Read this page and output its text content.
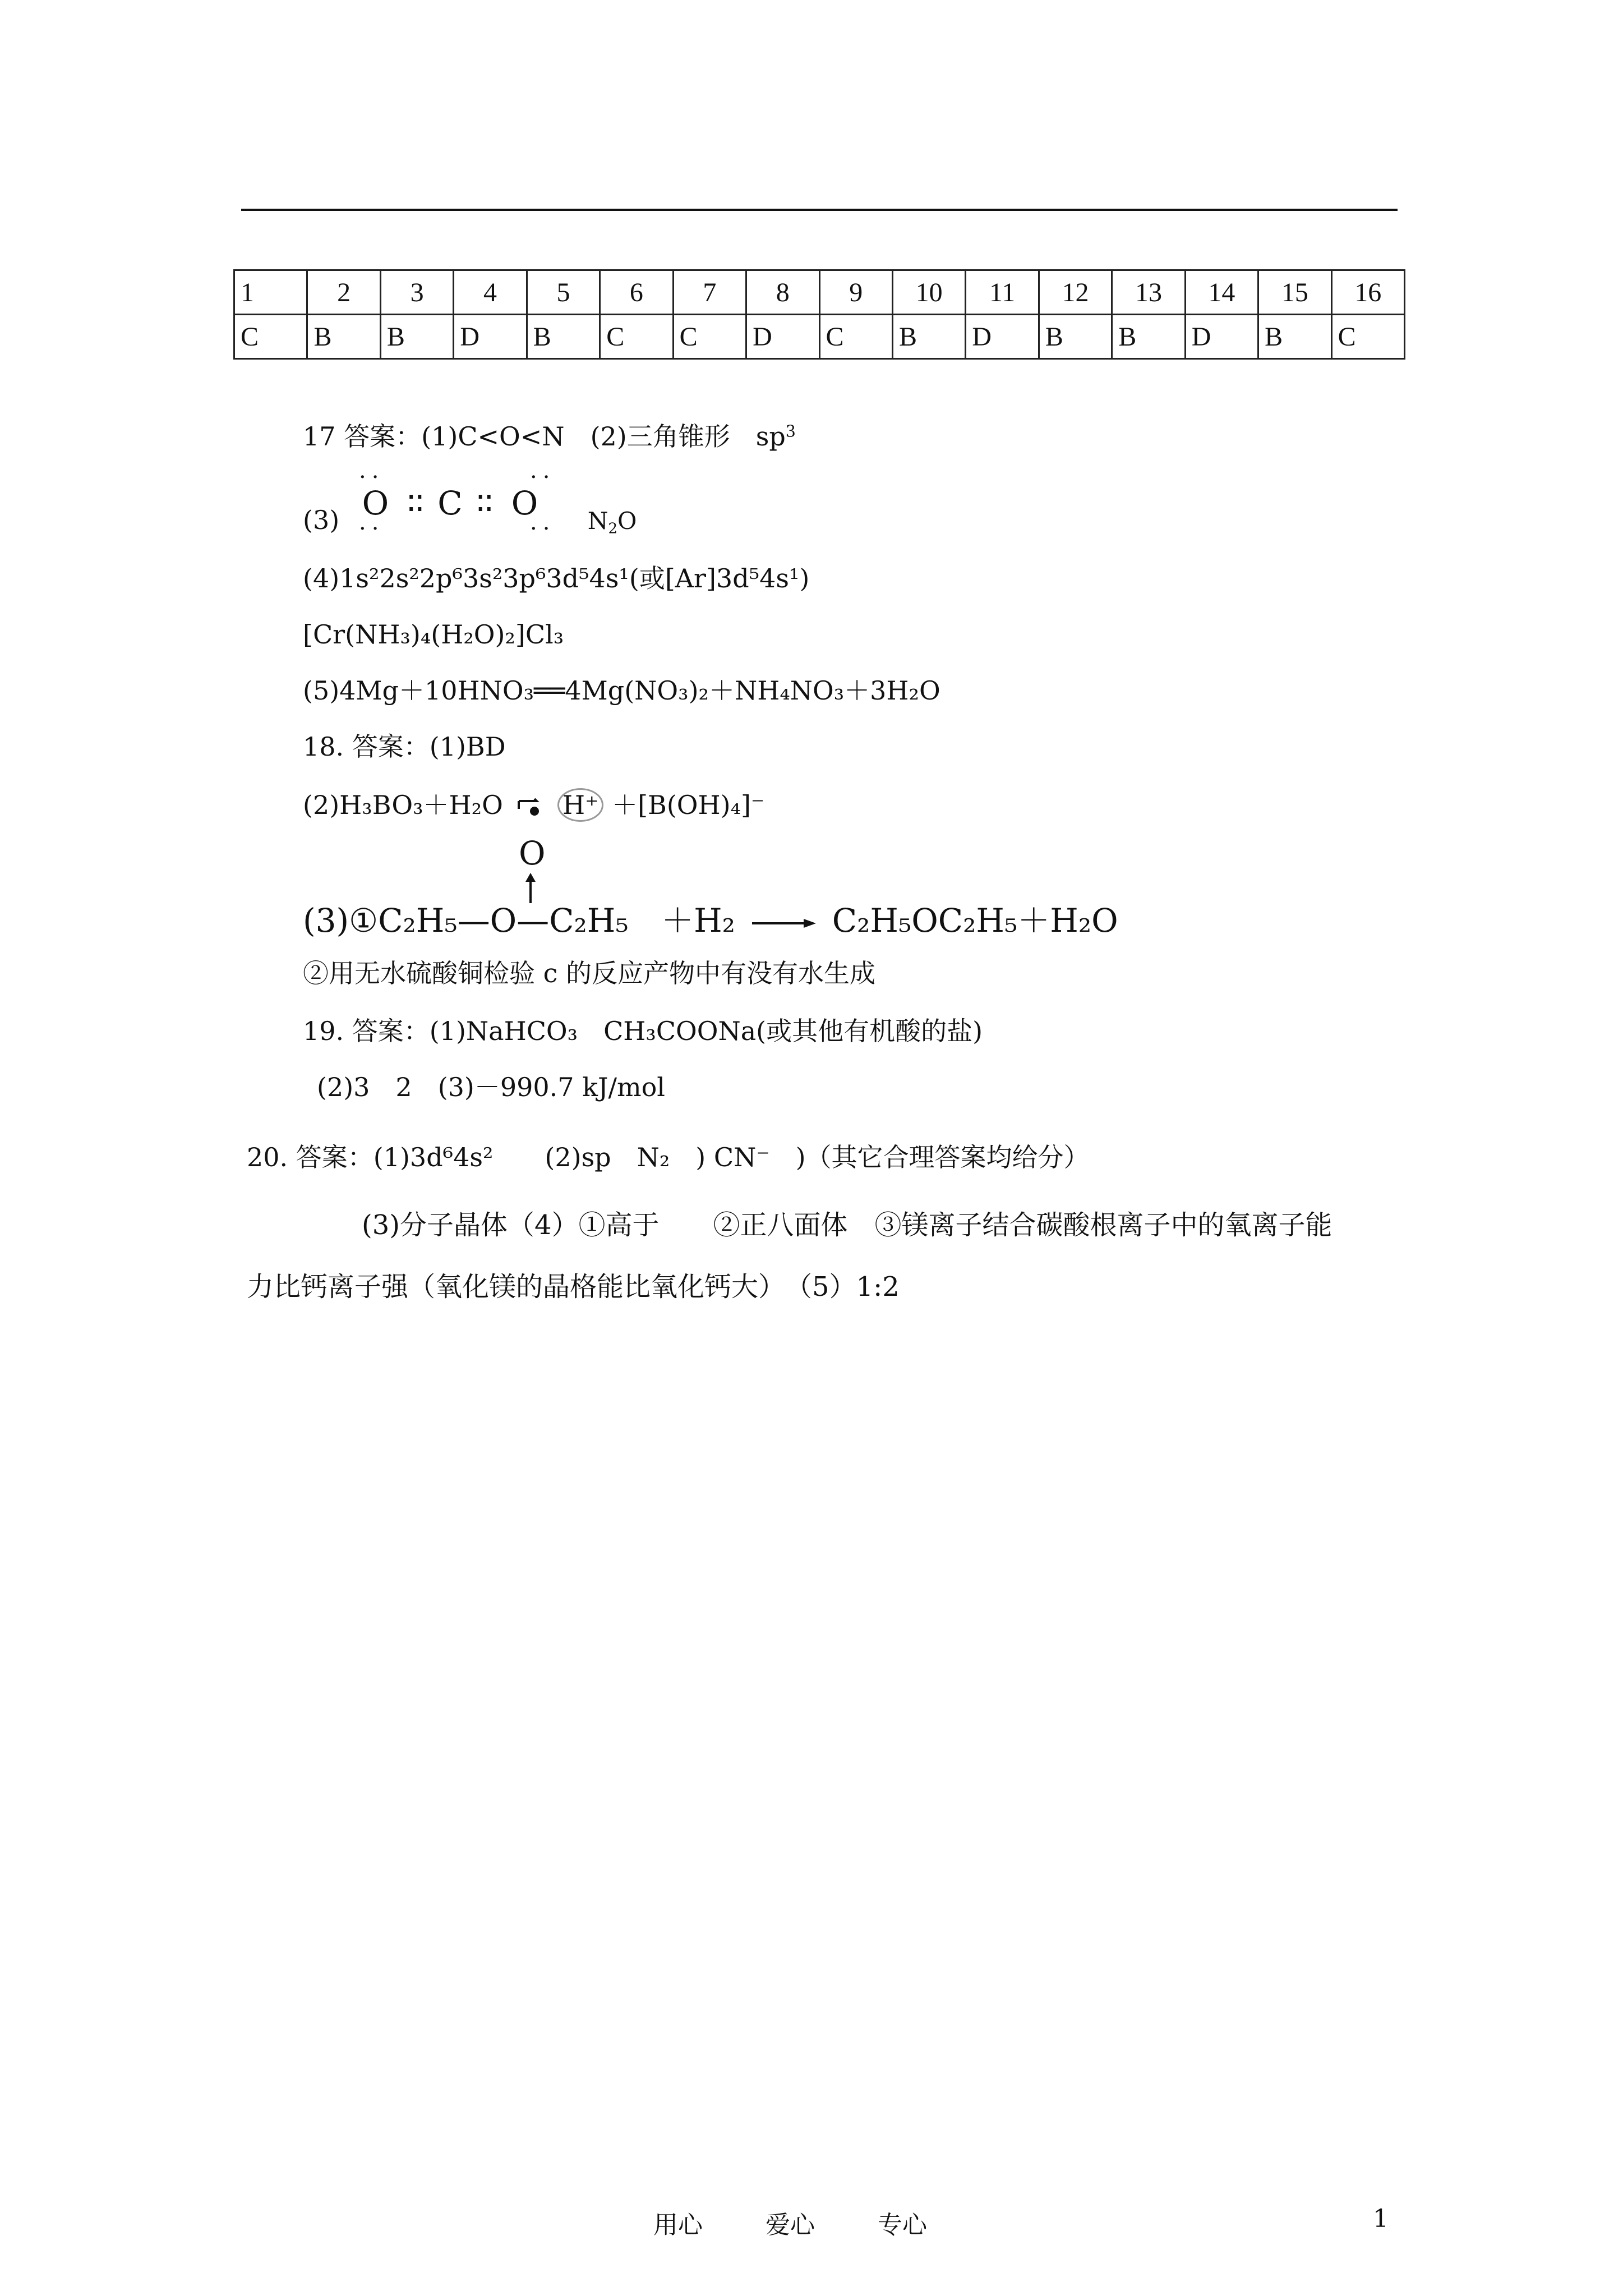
1	2	3	4	5	6	7	8	9	10	11	12	13	14	15	16
C	B	B	D	B	C	C	D	C	B	D	B	B	D	B	C
17 答案：(1)C<O<N  (2)三角锥形  $sp^3$
··	··
$_{(3)}$ O ∶∶ C ∶∶ O $_{N_2O}$
··	··
(4)1s²2s²2p⁶3s²3p⁶3d⁵4s¹(或[Ar]3d⁵4s¹)
[Cr(NH₃)₄(H₂O)₂]Cl₃
(5)4Mg＋10HNO₃══4Mg(NO₃)₂＋NH₄NO₃＋3H₂O
18. 答案：(1)BD
(2)H₃BO₃＋H₂O H⁺ ＋[B(OH)₄]⁻
O
(3)①C₂H₅—O—C₂H₅ ＋H₂ → C₂H₅OC₂H₅＋H₂O
②用无水硫酸铜检验 c 的反应产物中有没有水生成
19. 答案：(1)NaHCO₃　CH₃COONa(或其他有机酸的盐)
(2)3　2　(3)－990.7 kJ/mol
20. 答案：(1)3d⁶4s²　　(2)sp　N₂　) CN⁻　)（其它合理答案均给分）
(3)分子晶体（4）①高于　　②正八面体　③镁离子结合碳酸根离子中的氧离子能
力比钙离子强（氧化镁的晶格能比氧化钙大）　（5）1:2
用心	爱心	专心	1
